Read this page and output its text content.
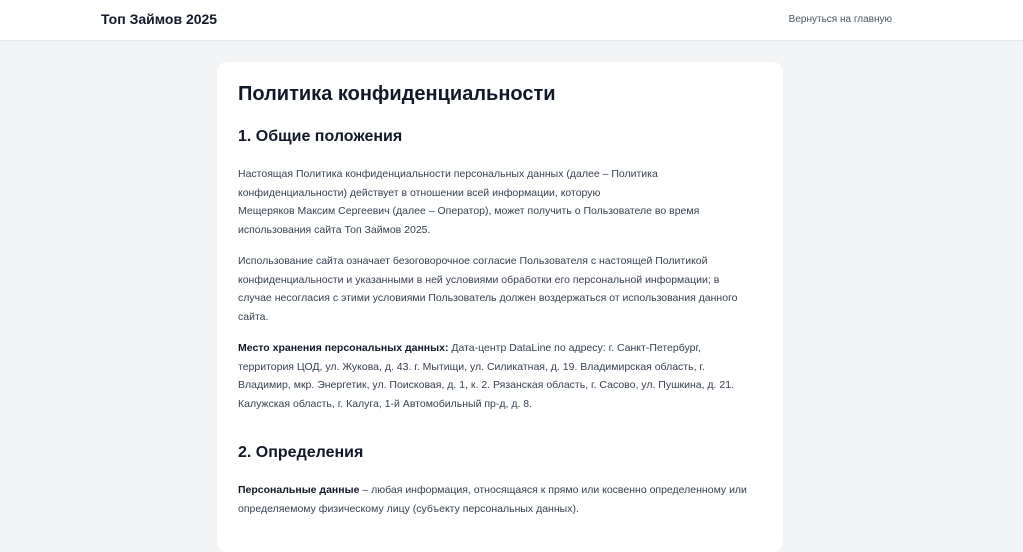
Топ Займов 2025	Вернуться на главную
Политика конфиденциальности
1. Общие положения

Настоящая Политика конфиденциальности персональных данных (далее – Политика
конфиденциальности) действует в отношении всей информации, которую
Мещеряков Максим Сергеевич (далее – Оператор), может получить о Пользователе во время
использования сайта Топ Займов 2025.

Использование сайта означает безоговорочное согласие Пользователя с настоящей Политикой
конфиденциальности и указанными в ней условиями обработки его персональной информации; в
случае несогласия с этими условиями Пользователь должен воздержаться от использования данного
сайта.

Место хранения персональных данных: Дата-центр DataLine по адресу: г. Санкт-Петербург,
территория ЦОД, ул. Жукова, д. 43. г. Мытищи, ул. Силикатная, д. 19. Владимирская область, г.
Владимир, мкр. Энергетик, ул. Поисковая, д. 1, к. 2. Рязанская область, г. Сасово, ул. Пушкина, д. 21.
Калужская область, г. Калуга, 1-й Автомобильный пр-д, д. 8.

2. Определения

Персональные данные – любая информация, относящаяся к прямо или косвенно определенному или
определяемому физическому лицу (субъекту персональных данных).
